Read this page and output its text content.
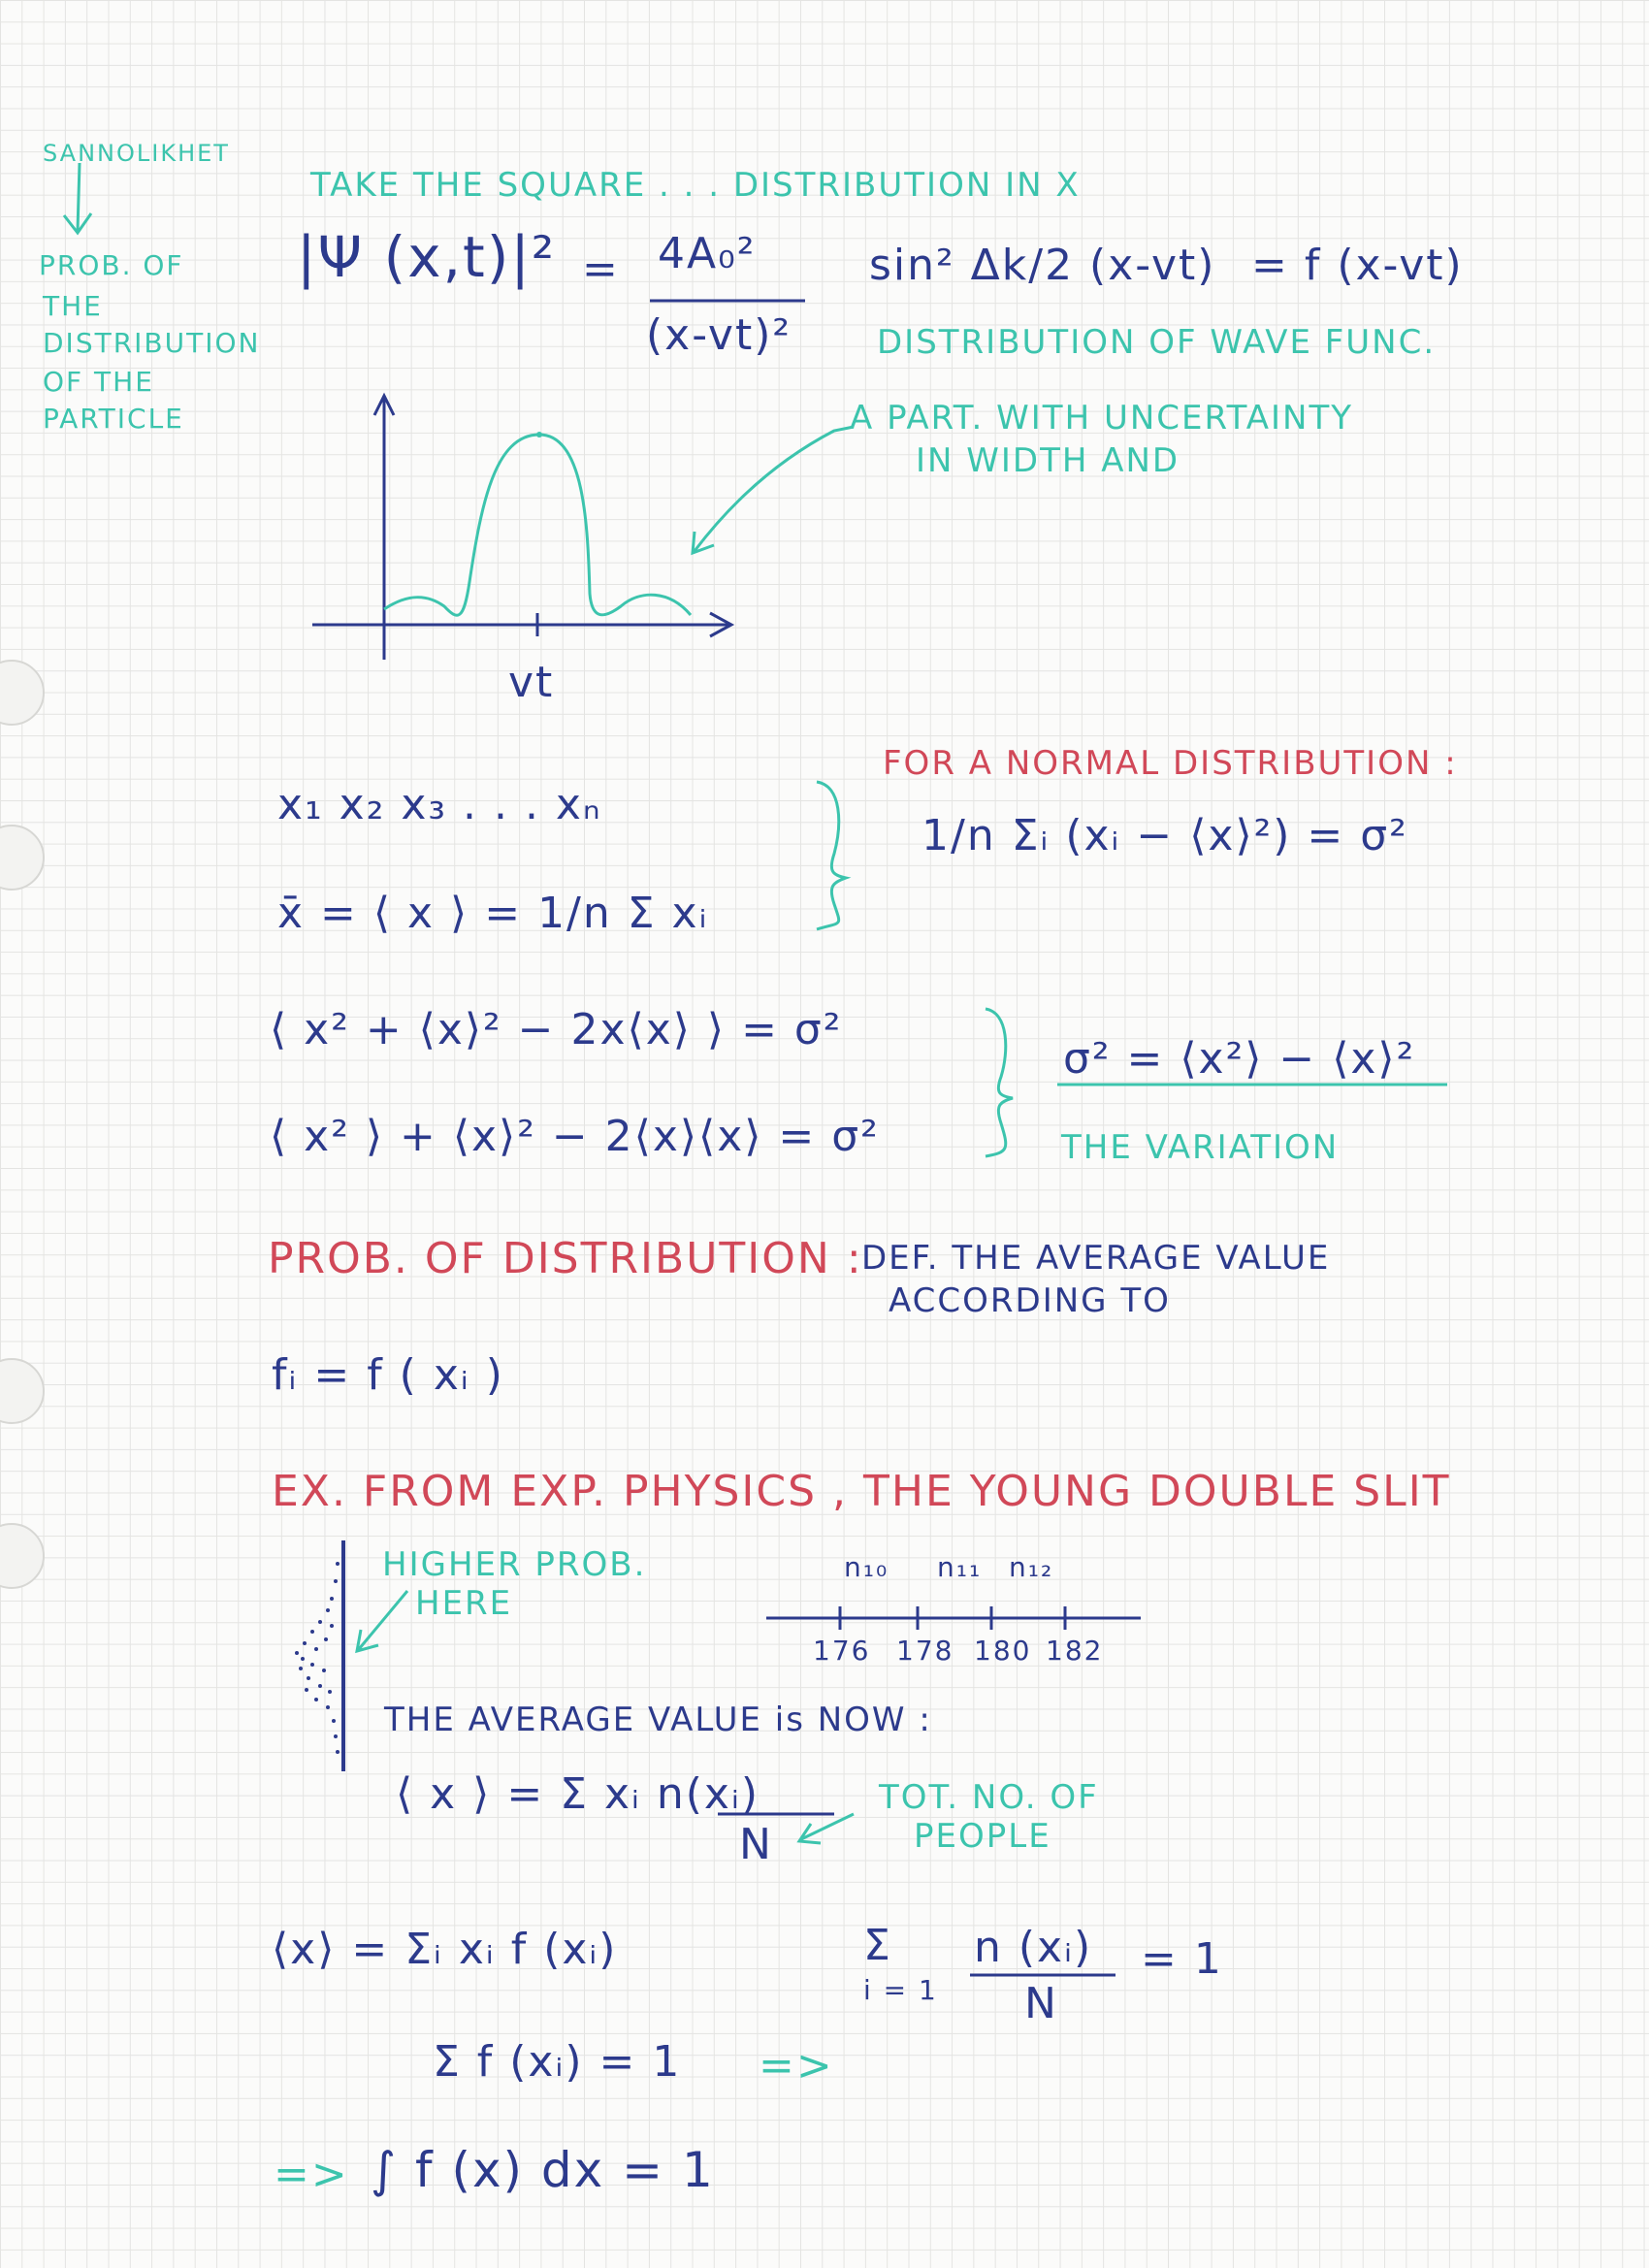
SANNOLIKHET
PROB. OF
THE
DISTRIBUTION
OF THE
PARTICLE
TAKE THE SQUARE . . . DISTRIBUTION IN X
|Ψ (x,t)|² = 4A₀²
(x-vt)²
sin² Δk/2 (x-vt) = f (x-vt)
DISTRIBUTION OF WAVE FUNC.
vt
A PART. WITH UNCERTAINTY
IN WIDTH AND
x₁ x₂ x₃ . . . xₙ
x̄ = ⟨ x ⟩ = 1/n Σ xᵢ
FOR A NORMAL DISTRIBUTION :
1/n Σᵢ (xᵢ − ⟨x⟩²) = σ²
⟨ x² + ⟨x⟩² − 2x⟨x⟩ ⟩ = σ²
⟨ x² ⟩ + ⟨x⟩² − 2⟨x⟩⟨x⟩ = σ²
σ² = ⟨x²⟩ − ⟨x⟩²
THE VARIATION
PROB. OF DISTRIBUTION :
DEF. THE AVERAGE VALUE
ACCORDING TO
fᵢ = f ( xᵢ )
EX. FROM EXP. PHYSICS , THE YOUNG DOUBLE SLIT
HIGHER PROB.
HERE
n₁₀ n₁₁ n₁₂
176 178 180 182
THE AVERAGE VALUE is NOW :
⟨ x ⟩ = Σ xᵢ n(xᵢ)
N
TOT. NO. OF
PEOPLE
⟨x⟩ = Σᵢ xᵢ f (xᵢ)	Σ
i = 1
n (xᵢ)
N
= 1
Σ f (xᵢ) = 1 =>
=> ∫ f (x) dx = 1
